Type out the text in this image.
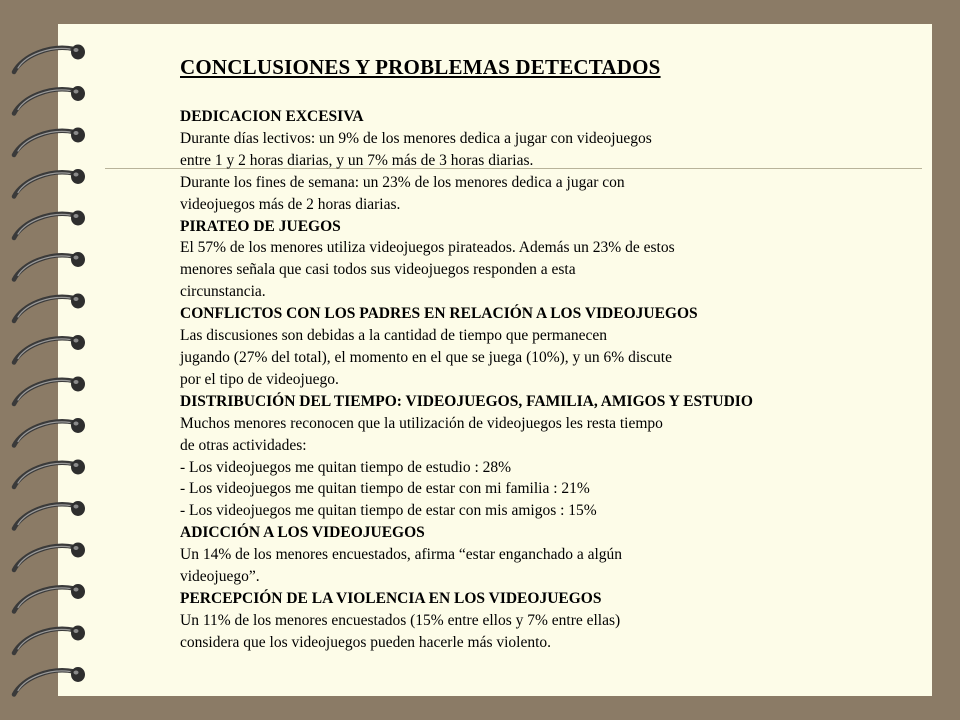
CONCLUSIONES Y PROBLEMAS DETECTADOS
DEDICACION EXCESIVA
Durante días lectivos: un 9% de los menores dedica a jugar con videojuegos
entre 1 y 2 horas diarias, y un 7% más de 3 horas diarias.
Durante los fines de semana: un 23% de los menores dedica a jugar con
videojuegos más de 2 horas diarias.
PIRATEO DE JUEGOS
El 57% de los menores utiliza videojuegos pirateados. Además un 23% de estos
menores señala que casi todos sus videojuegos responden a esta
circunstancia.
CONFLICTOS CON LOS PADRES EN RELACIÓN A LOS VIDEOJUEGOS
Las discusiones son debidas a la cantidad de tiempo que permanecen
jugando (27% del total), el momento en el que se juega (10%), y un 6% discute
por el tipo de videojuego.
DISTRIBUCIÓN DEL TIEMPO: VIDEOJUEGOS, FAMILIA, AMIGOS Y ESTUDIO
Muchos menores reconocen que la utilización de videojuegos les resta tiempo
de otras actividades:
- Los videojuegos me quitan tiempo de estudio : 28%
- Los videojuegos me quitan tiempo de estar con mi familia : 21%
- Los videojuegos me quitan tiempo de estar con mis amigos : 15%
ADICCIÓN A LOS VIDEOJUEGOS
Un 14% de los menores encuestados, afirma “estar enganchado a algún
videojuego”.
PERCEPCIÓN DE LA VIOLENCIA EN LOS VIDEOJUEGOS
Un 11% de los menores encuestados (15% entre ellos y 7% entre ellas)
considera que los videojuegos pueden hacerle más violento.
